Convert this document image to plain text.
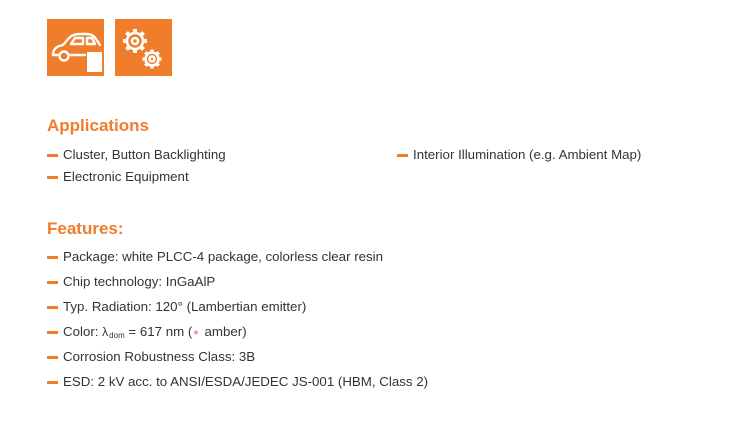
Applications
Cluster, Button Backlighting	Interior Illumination (e.g. Ambient Map)
Electronic Equipment
Features:
Package: white PLCC-4 package, colorless clear resin
Chip technology: InGaAlP
Typ. Radiation: 120° (Lambertian emitter)
Color: λ dom = 617 nm ( ● amber)
Corrosion Robustness Class: 3B
ESD: 2 kV acc. to ANSI/ESDA/JEDEC JS-001 (HBM, Class 2)
